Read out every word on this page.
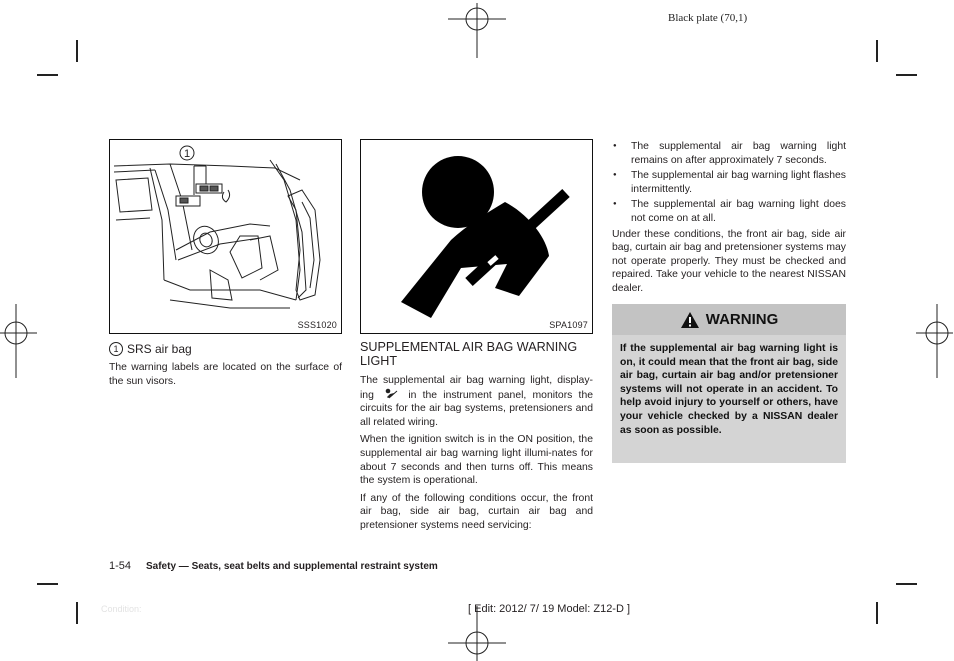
Black plate (70,1)
1
SSS1020	SPA1097
1 SRS air bag

The warning labels are located on the surface of the sun visors.

SUPPLEMENTAL AIR BAG WARNING LIGHT

The supplemental air bag warning light, display-ing	in the instrument panel, monitors the circuits for the air bag systems, pretensioners and all related wiring.

When the ignition switch is in the ON position, the supplemental air bag warning light illumi-nates for about 7 seconds and then turns off. This means the system is operational.

If any of the following conditions occur, the front air bag, side air bag, curtain air bag and pretensioner systems need servicing:

● The supplemental air bag warning light remains on after approximately 7 seconds.
● The supplemental air bag warning light flashes intermittently.
● The supplemental air bag warning light does not come on at all.

Under these conditions, the front air bag, side air bag, curtain air bag and pretensioner systems may not operate properly. They must be checked and repaired. Take your vehicle to the nearest NISSAN dealer.

WARNING
If the supplemental air bag warning light is on, it could mean that the front air bag, side air bag, curtain air bag and/or pretensioner systems will not operate in an accident. To help avoid injury to yourself or others, have your vehicle checked by a NISSAN dealer as soon as possible.
1-54 Safety — Seats, seat belts and supplemental restraint system
Condition:	[ Edit: 2012/ 7/ 19 Model: Z12-D ]
